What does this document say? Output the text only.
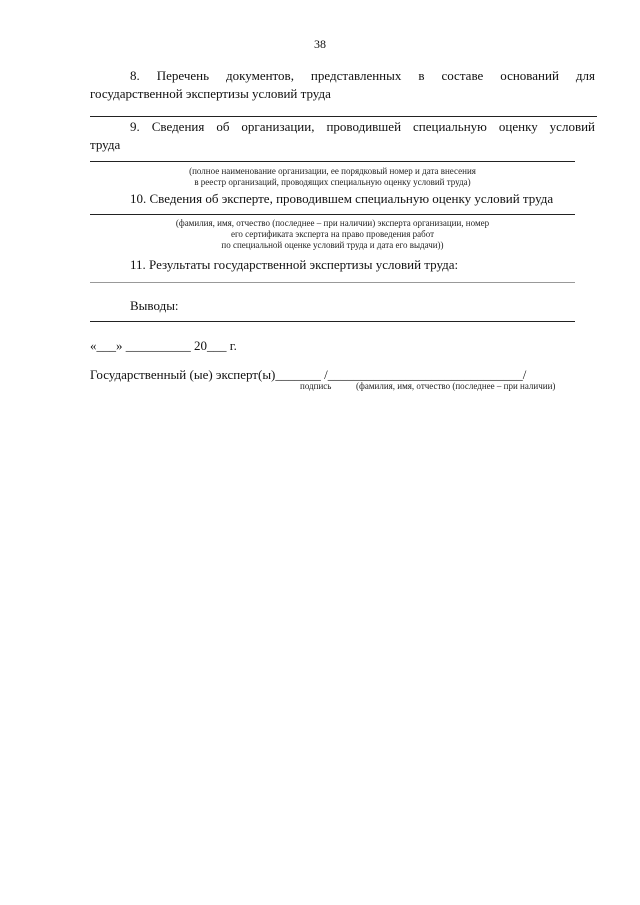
38
8. Перечень документов, представленных в составе оснований для
государственной экспертизы условий труда
9. Сведения об организации, проводившей специальную оценку условий
труда
(полное наименование организации, ее порядковый номер и дата внесения
в реестр организаций, проводящих специальную оценку условий труда)
10. Сведения об эксперте, проводившем специальную оценку условий труда
(фамилия, имя, отчество (последнее – при наличии) эксперта организации, номер
его сертификата эксперта на право проведения работ
по специальной оценке условий труда и дата его выдачи))
11. Результаты государственной экспертизы условий труда:
Выводы:
«___» __________ 20___ г.
Государственный (ые) эксперт(ы)_______ /______________________________/
подпись	(фамилия, имя, отчество (последнее – при наличии)
